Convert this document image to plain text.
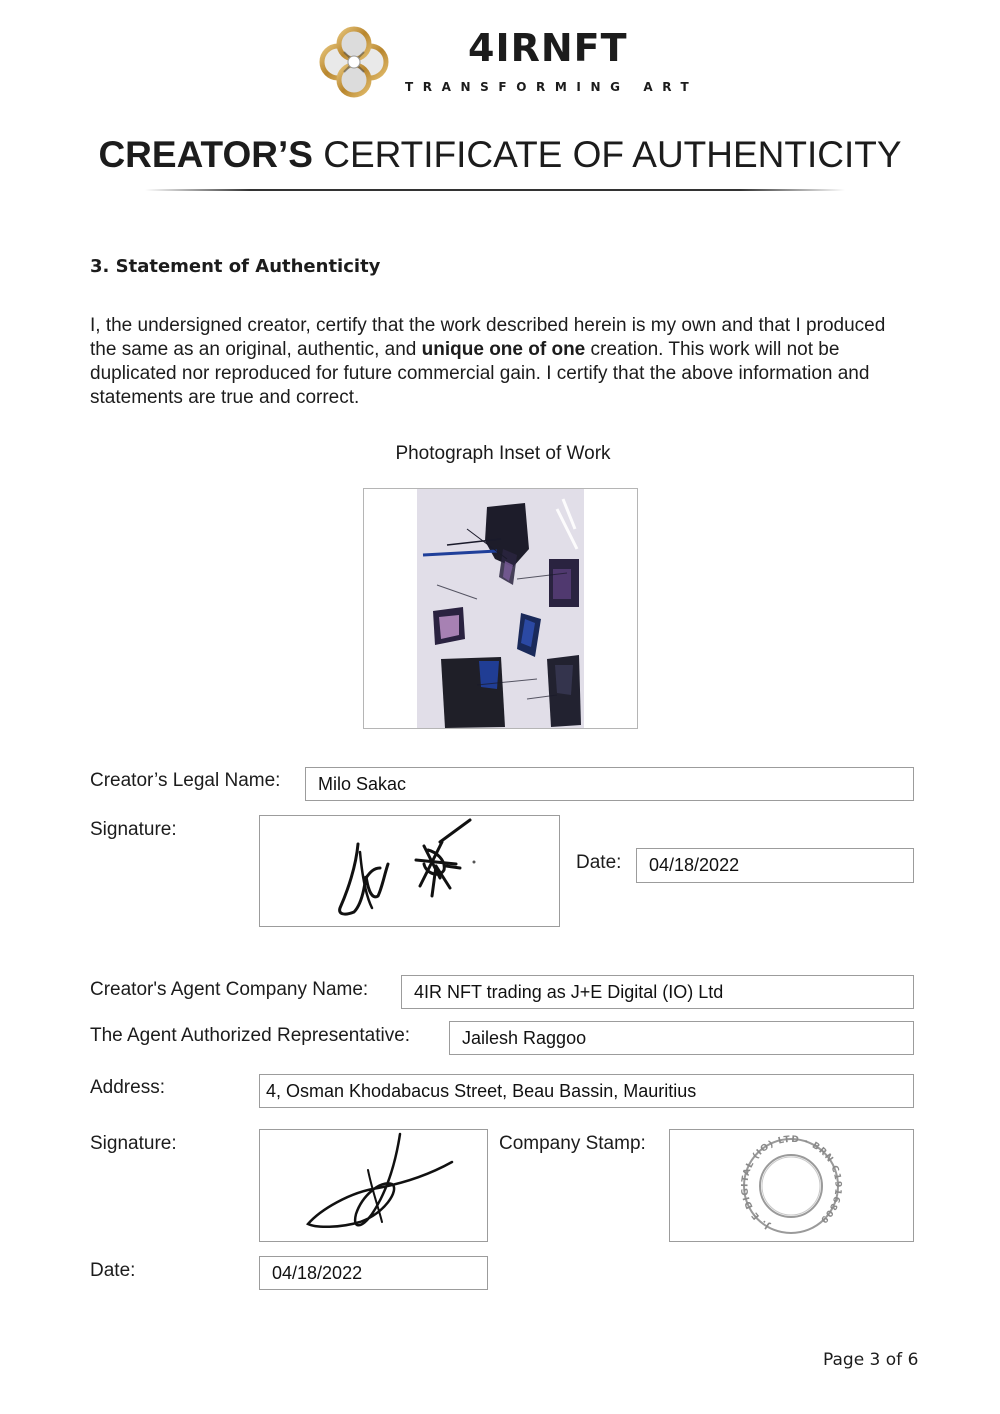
4IRNFT
TRANSFORMING ART
CREATOR’S CERTIFICATE OF AUTHENTICITY
3. Statement of Authenticity
I, the undersigned creator, certify that the work described herein is my own and that I produced the same as an original, authentic, and unique one of one creation. This work will not be duplicated nor reproduced for future commercial gain. I certify that the above information and statements are true and correct.
Photograph Inset of Work
Creator’s Legal Name:	Milo Sakac
Signature:
Date:	04/18/2022
Creator's Agent Company Name:	4IR NFT trading as J+E Digital (IO) Ltd
The Agent Authorized Representative:	Jailesh Raggoo
Address:	4, Osman Khodabacus Street, Beau Bassin, Mauritius
Signature:	Company Stamp:
J. E DIGITAL (IO) LTD · BRN C1916809
Date:	04/18/2022
Page 3 of 6
